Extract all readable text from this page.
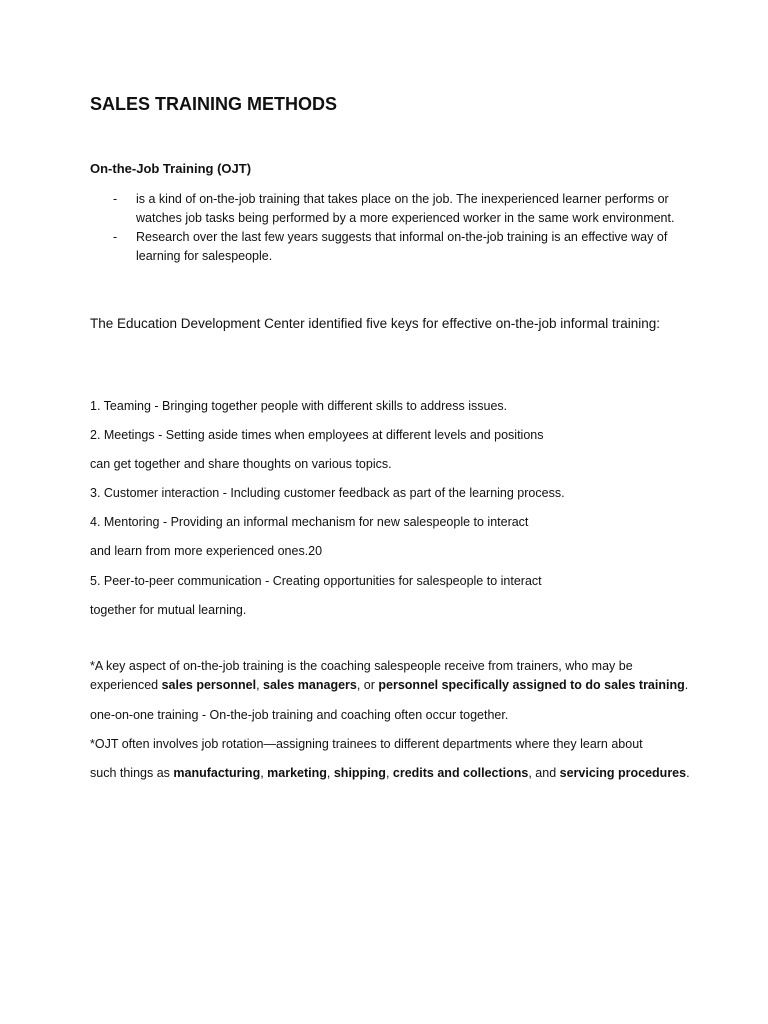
SALES TRAINING METHODS
On-the-Job Training (OJT)
- is a kind of on-the-job training that takes place on the job. The inexperienced learner performs or watches job tasks being performed by a more experienced worker in the same work environment.
- Research over the last few years suggests that informal on-the-job training is an effective way of learning for salespeople.

The Education Development Center identified five keys for effective on-the-job informal training:

1. Teaming - Bringing together people with different skills to address issues.

2. Meetings - Setting aside times when employees at different levels and positions

can get together and share thoughts on various topics.

3. Customer interaction - Including customer feedback as part of the learning process.

4. Mentoring - Providing an informal mechanism for new salespeople to interact

and learn from more experienced ones.20

5. Peer-to-peer communication - Creating opportunities for salespeople to interact

together for mutual learning.

*A key aspect of on-the-job training is the coaching salespeople receive from trainers, who may be experienced sales personnel, sales managers, or personnel specifically assigned to do sales training.

one-on-one training - On-the-job training and coaching often occur together.

*OJT often involves job rotation—assigning trainees to different departments where they learn about

such things as manufacturing, marketing, shipping, credits and collections, and servicing procedures.
